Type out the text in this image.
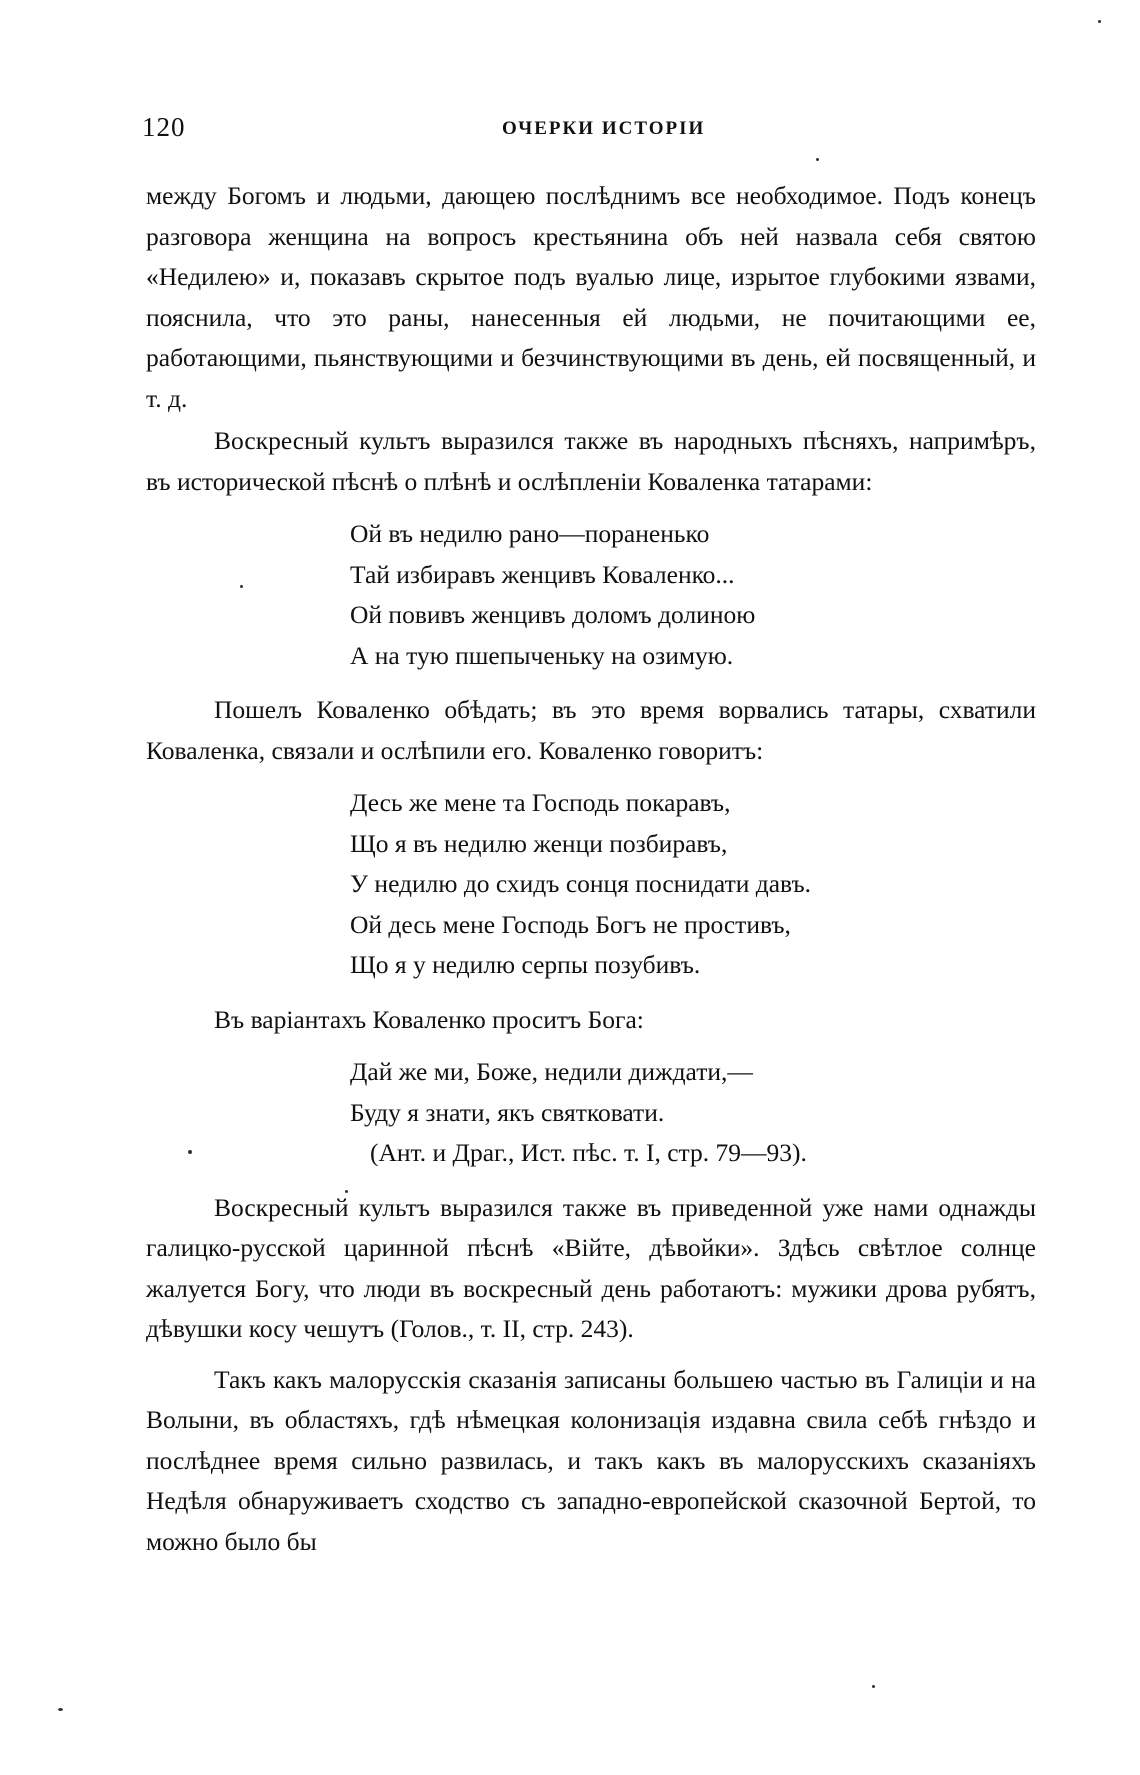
120	ОЧЕРКИ ИСТОРІИ

между Богомъ и людьми, дающею послѣднимъ все необходимое. Подъ конецъ разговора женщина на вопросъ крестьянина объ ней назвала себя святою «Недилею» и, показавъ скрытое подъ вуалью лице, изрытое глубокими язвами, пояснила, что это раны, нанесенныя ей людьми, не почитающими ее, работающими, пьянствующими и безчинствующими въ день, ей посвященный, и т. д.

Воскресный культъ выразился также въ народныхъ пѣсняхъ, напримѣръ, въ исторической пѣснѣ о плѣнѣ и ослѣпленіи Коваленка татарами:

Ой въ недилю рано—пораненько
Тай избиравъ женцивъ Коваленко...
Ой повивъ женцивъ доломъ долиною
А на тую пшепыченьку на озимую.

Пошелъ Коваленко обѣдать; въ это время ворвались татары, схватили Коваленка, связали и ослѣпили его. Коваленко говоритъ:

Десь же мене та Господь покаравъ,
Що я въ недилю женци позбиравъ,
У недилю до схидъ сонця поснидати давъ.
Ой десь мене Господь Богъ не простивъ,
Що я у недилю серпы позубивъ.

Въ варіантахъ Коваленко проситъ Бога:

Дай же ми, Боже, недили диждати,—
Буду я знати, якъ святковати.
(Ант. и Драг., Ист. пѣс. т. I, стр. 79—93).

Воскресный культъ выразился также въ приведенной уже нами однажды галицко-русской царинной пѣснѣ «Війте, дѣвойки». Здѣсь свѣтлое солнце жалуется Богу, что люди въ воскресный день работаютъ: мужики дрова рубятъ, дѣвушки косу чешутъ (Голов., т. II, стр. 243).

Такъ какъ малорусскія сказанія записаны большею частью въ Галиціи и на Волыни, въ областяхъ, гдѣ нѣмецкая колонизація издавна свила себѣ гнѣздо и послѣднее время сильно развилась, и такъ какъ въ малорусскихъ сказаніяхъ Недѣля обнаруживаетъ сходство съ западно-европейской сказочной Бертой, то можно было бы
